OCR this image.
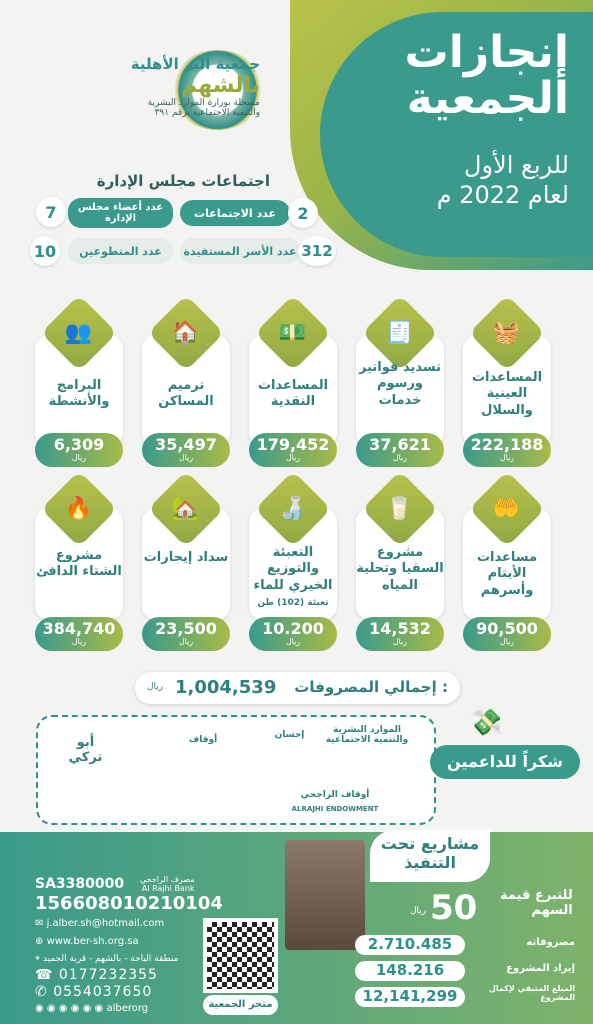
إنجازات
الجمعية
للربع الأول
لعام 2022 م
جمعية البر الأهلية
بالشهم
مسجلة بوزارة الموارد البشرية
والتنمية الاجتماعية برقم ٣٩١
اجتماعات مجلس الإدارة
عدد الاجتماعات	2
عدد أعضاء مجلس الإدارة
7
عدد الأسر المستفيدة 312
عدد المتطوعين
10
🧺
المساعدات العينية والسلال
222,188
ريال
🧾
تسديد فواتير ورسوم خدمات
37,621
ريال
💵
المساعدات النقدية
179,452
ريال
🏠
ترميم المساكن
35,497
ريال
👥
البرامج والأنشطة
6,309
ريال
🤲
مساعدات الأيتام وأسرهم
90,500
ريال
🥛
مشروع السقيا وتحلية المياه
14,532
ريال
🍶
التعبئة والتوزيع الخيري للماء
تعبئة (102) طن
10.200
ريال
🏡
سداد إيجارات
23,500
ريال
🔥
مشروع الشتاء الدافئ
384,740
ريال
إجمالي المصروفات :
1,004,539
ريال
الموارد البشرية والتنمية الاجتماعية
إحسان
أوقاف
أبو تركي
أوقاف الراجحي
ALRAJHI ENDOWMENT
شكراً للداعمين
💸
مشاريع تحت
التنفيذ
للتبرع قيمة
السهم
50
ريال
مصروفاته
2.710.485
إيراد المشروع
148.216
المبلغ المتبقي لإكمال المشروع
12,141,299
متجر الجمعية
مصرف الراجحي
Al Rajhi Bank
SA3380000
156608010210104
✉ j.alber.sh@hotmail.com
⊕ www.ber-sh.org.sa
⌖ منطقة الباحة - بالشهم - قرية الحميد
☎ 0177232355
✆ 0554037650
◉ ◉ ◉ ◉ ◉ ◉ alberorg
